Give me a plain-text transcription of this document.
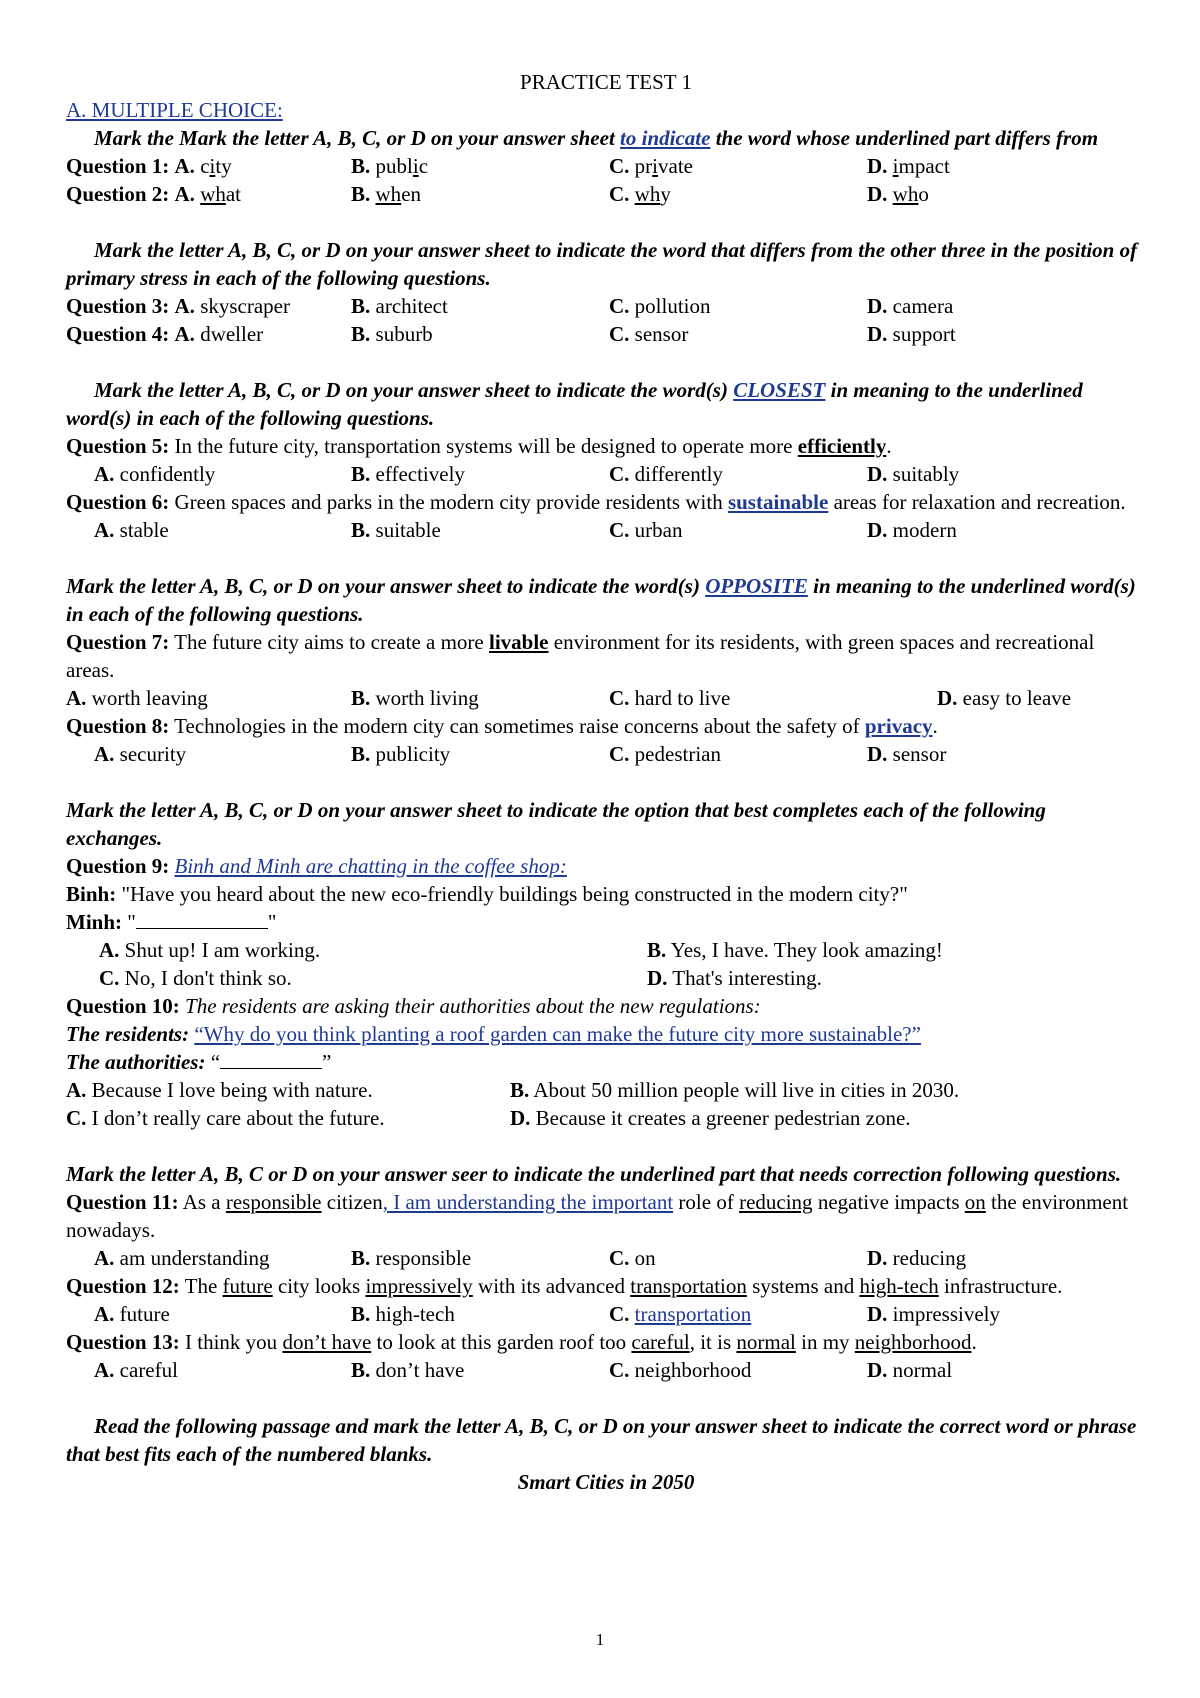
PRACTICE TEST 1
A. MULTIPLE CHOICE:
Mark the Mark the letter A, B, C, or D on your answer sheet to indicate the word whose underlined part differs from
Question 1: A. city	B. public	C. private	D. impact
Question 2: A. what	B. when	C. why	D. who
Mark the letter A, B, C, or D on your answer sheet to indicate the word that differs from the other three in the position of primary stress in each of the following questions.
Question 3: A. skyscraper	B. architect	C. pollution	D. camera
Question 4: A. dweller	B. suburb	C. sensor	D. support
Mark the letter A, B, C, or D on your answer sheet to indicate the word(s) CLOSEST in meaning to the underlined word(s) in each of the following questions.
Question 5: In the future city, transportation systems will be designed to operate more efficiently.
A. confidently	B. effectively	C. differently	D. suitably
Question 6: Green spaces and parks in the modern city provide residents with sustainable areas for relaxation and recreation.
A. stable	B. suitable	C. urban	D. modern
Mark the letter A, B, C, or D on your answer sheet to indicate the word(s) OPPOSITE in meaning to the underlined word(s) in each of the following questions.
Question 7: The future city aims to create a more livable environment for its residents, with green spaces and recreational areas.
A. worth leaving	B. worth living	C. hard to live	D. easy to leave
Question 8: Technologies in the modern city can sometimes raise concerns about the safety of privacy.
A. security	B. publicity	C. pedestrian	D. sensor
Mark the letter A, B, C, or D on your answer sheet to indicate the option that best completes each of the following exchanges.
Question 9: Binh and Minh are chatting in the coffee shop:
Binh: "Have you heard about the new eco-friendly buildings being constructed in the modern city?"
Minh: "	"
A. Shut up! I am working.	B. Yes, I have. They look amazing!
C. No, I don't think so.	D. That's interesting.
Question 10: The residents are asking their authorities about the new regulations:
The residents: “Why do you think planting a roof garden can make the future city more sustainable?”
The authorities: “	”
A. Because I love being with nature.	B. About 50 million people will live in cities in 2030.
C. I don’t really care about the future.	D. Because it creates a greener pedestrian zone.
Mark the letter A, B, C or D on your answer seer to indicate the underlined part that needs correction following questions.
Question 11: As a responsible citizen, I am understanding the important role of reducing negative impacts on the environment nowadays.
A. am understanding	B. responsible	C. on	D. reducing
Question 12: The future city looks impressively with its advanced transportation systems and high-tech infrastructure.
A. future	B. high-tech	C. transportation	D. impressively
Question 13: I think you don’t have to look at this garden roof too careful, it is normal in my neighborhood.
A. careful	B. don’t have	C. neighborhood	D. normal
Read the following passage and mark the letter A, B, C, or D on your answer sheet to indicate the correct word or phrase that best fits each of the numbered blanks.
Smart Cities in 2050
1
